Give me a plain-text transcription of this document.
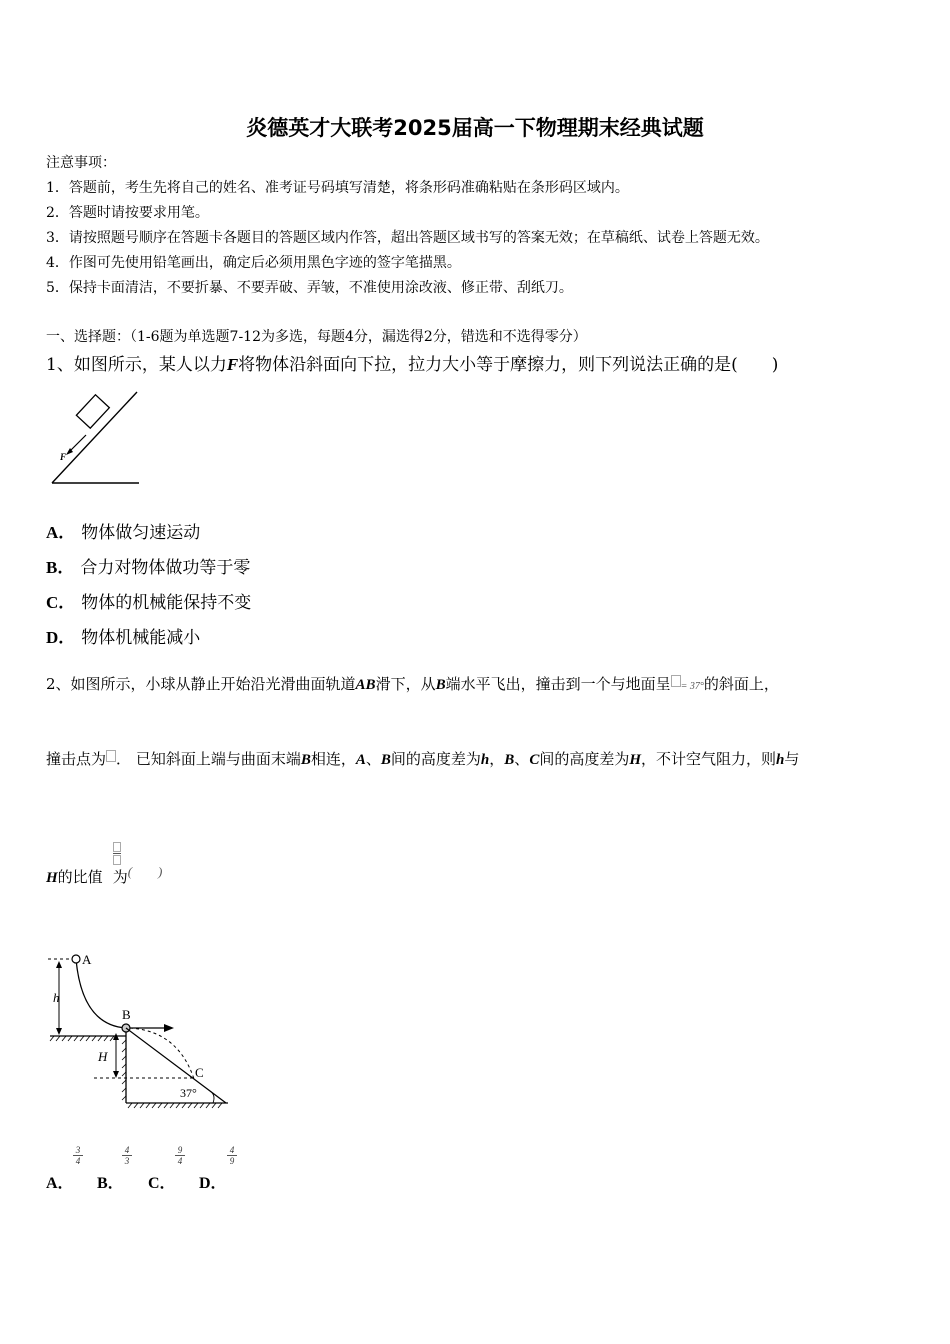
炎德英才大联考2025届高一下物理期末经典试题
注意事项：
1．答题前，考生先将自己的姓名、准考证号码填写清楚，将条形码准确粘贴在条形码区域内。
2．答题时请按要求用笔。
3．请按照题号顺序在答题卡各题目的答题区域内作答，超出答题区域书写的答案无效；在草稿纸、试卷上答题无效。
4．作图可先使用铅笔画出，确定后必须用黑色字迹的签字笔描黑。
5．保持卡面清洁，不要折暴、不要弄破、弄皱，不准使用涂改液、修正带、刮纸刀。
一、选择题：（1-6题为单选题7-12为多选，每题4分，漏选得2分，错选和不选得零分）
1、如图所示，某人以力F将物体沿斜面向下拉，拉力大小等于摩擦力，则下列说法正确的是(　　)
F
A． 物体做匀速运动
B． 合力对物体做功等于零
C． 物体的机械能保持不变
D． 物体机械能减小
2、如图所示，小球从静止开始沿光滑曲面轨道AB滑下，从B端水平飞出，撞击到一个与地面呈 = 37°的斜面上，
撞击点为 ． 已知斜面上端与曲面末端B相连，A、B间的高度差为h，B、C间的高度差为H，不计空气阻力，则h与
H的比值 为(　　)
A
h
B
C
H
37°
A．
$\frac{3}{4}$
B．
$\frac{4}{3}$
C．
$\frac{9}{4}$
D．
$\frac{4}{9}$
